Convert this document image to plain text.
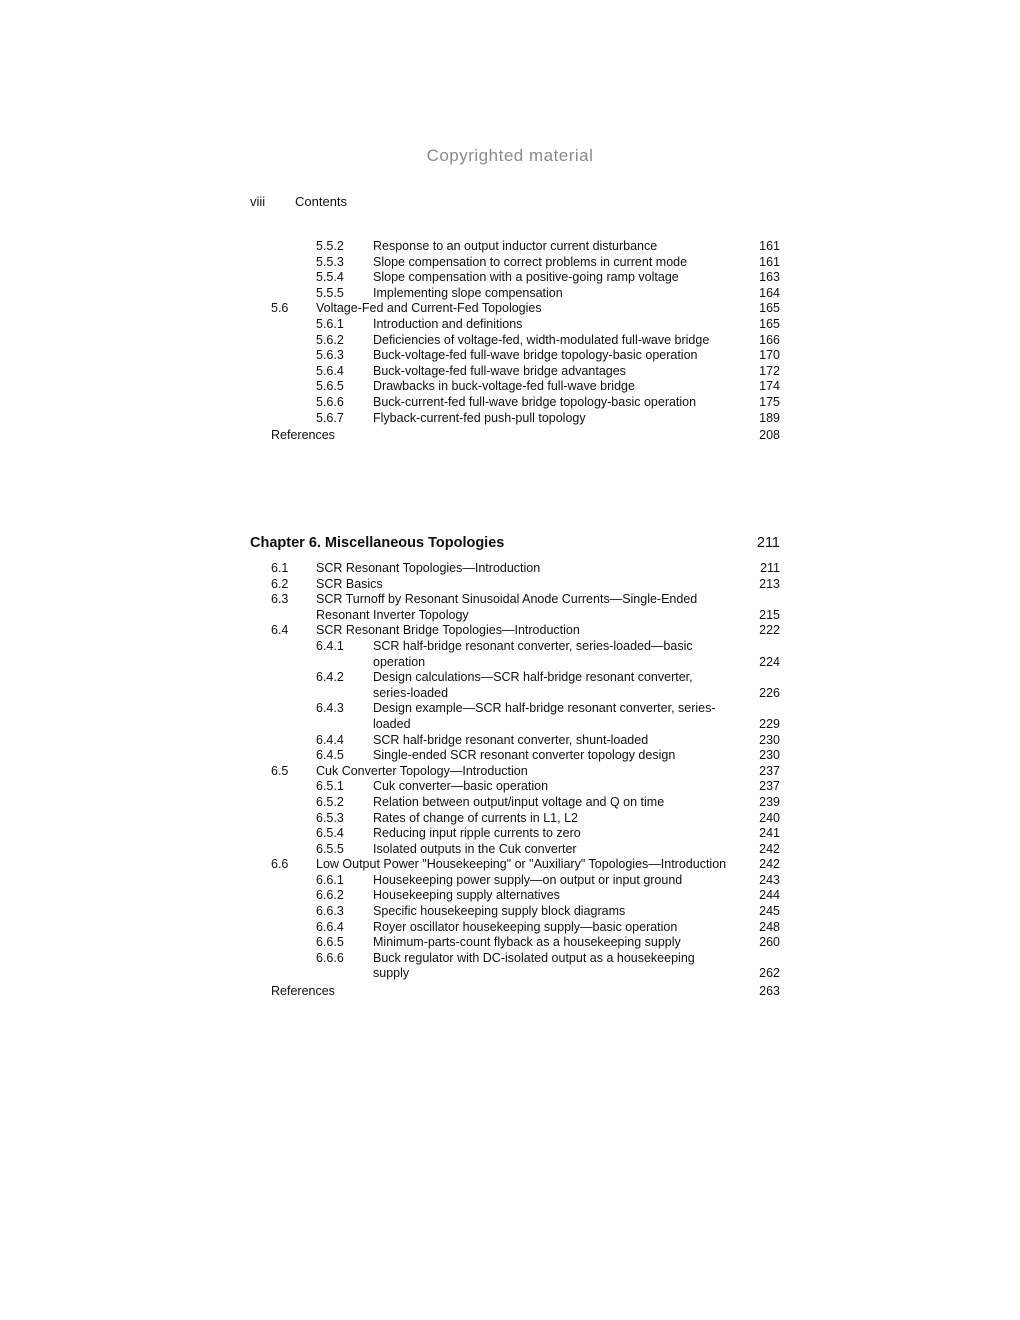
Copyrighted material
viii Contents
5.5.2 Response to an output inductor current disturbance	161
5.5.3 Slope compensation to correct problems in current mode	161
5.5.4 Slope compensation with a positive-going ramp voltage	163
5.5.5 Implementing slope compensation	164
5.6 Voltage-Fed and Current-Fed Topologies	165
5.6.1 Introduction and definitions	165
5.6.2 Deficiencies of voltage-fed, width-modulated full-wave bridge	166
5.6.3 Buck-voltage-fed full-wave bridge topology-basic operation	170
5.6.4 Buck-voltage-fed full-wave bridge advantages	172
5.6.5 Drawbacks in buck-voltage-fed full-wave bridge	174
5.6.6 Buck-current-fed full-wave bridge topology-basic operation	175
5.6.7 Flyback-current-fed push-pull topology	189
References	208
Chapter 6. Miscellaneous Topologies	211
6.1 SCR Resonant Topologies—Introduction	211
6.2 SCR Basics	213
6.3 SCR Turnoff by Resonant Sinusoidal Anode Currents—Single-Ended Resonant Inverter Topology	215
6.4 SCR Resonant Bridge Topologies—Introduction	222
6.4.1 SCR half-bridge resonant converter, series-loaded—basic operation	224
6.4.2 Design calculations—SCR half-bridge resonant converter, series-loaded	226
6.4.3 Design example—SCR half-bridge resonant converter, series-loaded	229
6.4.4 SCR half-bridge resonant converter, shunt-loaded	230
6.4.5 Single-ended SCR resonant converter topology design	230
6.5 Cuk Converter Topology—Introduction	237
6.5.1 Cuk converter—basic operation	237
6.5.2 Relation between output/input voltage and Q on time	239
6.5.3 Rates of change of currents in L1, L2	240
6.5.4 Reducing input ripple currents to zero	241
6.5.5 Isolated outputs in the Cuk converter	242
6.6 Low Output Power "Housekeeping" or "Auxiliary" Topologies—Introduction	242
6.6.1 Housekeeping power supply—on output or input ground	243
6.6.2 Housekeeping supply alternatives	244
6.6.3 Specific housekeeping supply block diagrams	245
6.6.4 Royer oscillator housekeeping supply—basic operation	248
6.6.5 Minimum-parts-count flyback as a housekeeping supply	260
6.6.6 Buck regulator with DC-isolated output as a housekeeping supply	262
References	263
